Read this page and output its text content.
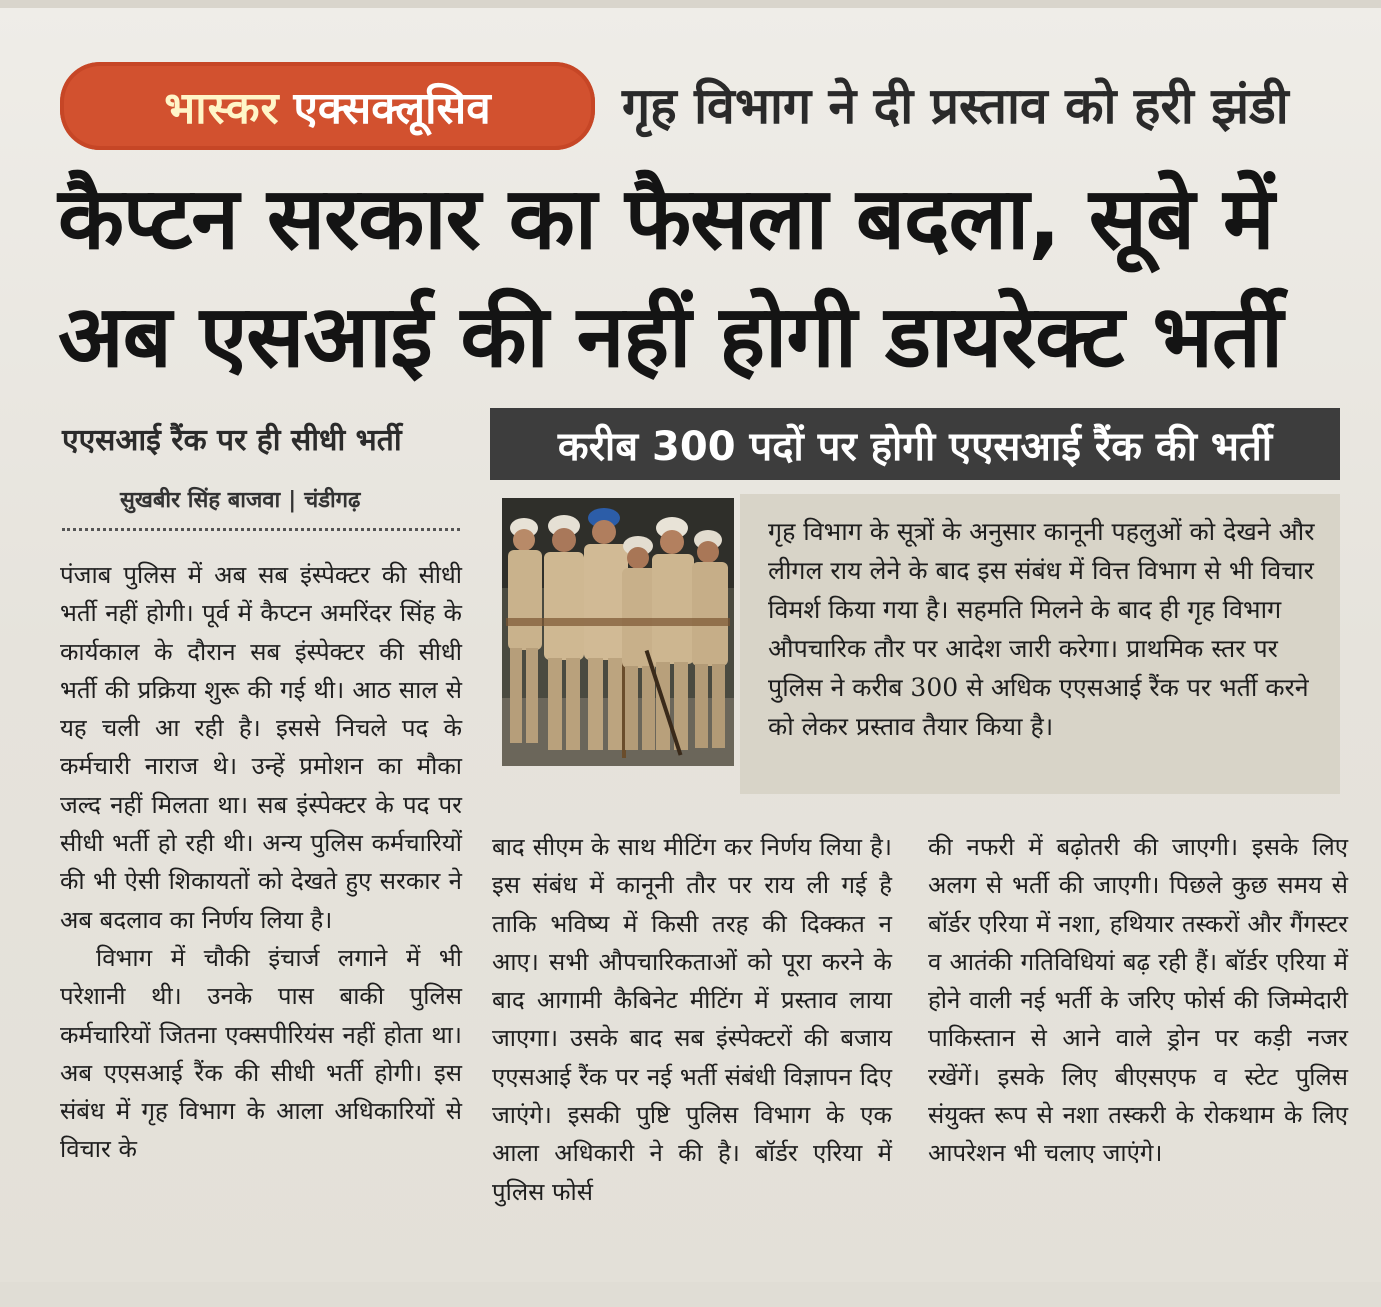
भास्कर एक्सक्लूसिव	गृह विभाग ने दी प्रस्ताव को हरी झंडी
कैप्टन सरकार का फैसला बदला, सूबे में
अब एसआई की नहीं होगी डायरेक्ट भर्ती
एएसआई रैंक पर ही सीधी भर्ती	करीब 300 पदों पर होगी एएसआई रैंक की भर्ती
सुखबीर सिंह बाजवा | चंडीगढ़
गृह विभाग के सूत्रों के अनुसार कानूनी पहलुओं को देखने और लीगल राय लेने के बाद इस संबंध में वित्त विभाग से भी विचार विमर्श किया गया है। सहमति मिलने के बाद ही गृह विभाग औपचारिक तौर पर आदेश जारी करेगा। प्राथमिक स्तर पर पुलिस ने करीब 300 से अधिक एएसआई रैंक पर भर्ती करने को लेकर प्रस्ताव तैयार किया है।

पंजाब पुलिस में अब सब इंस्पेक्टर की सीधी भर्ती नहीं होगी। पूर्व में कैप्टन अमरिंदर सिंह के कार्यकाल के दौरान सब इंस्पेक्टर की सीधी भर्ती की प्रक्रिया शुरू की गई थी। आठ साल से यह चली आ रही है। इससे निचले पद के कर्मचारी नाराज थे। उन्हें प्रमोशन का मौका जल्द नहीं मिलता था। सब इंस्पेक्टर के पद पर सीधी भर्ती हो रही थी। अन्य पुलिस कर्मचारियों की भी ऐसी शिकायतों को देखते हुए सरकार ने अब बदलाव का निर्णय लिया है।

विभाग में चौकी इंचार्ज लगाने में भी परेशानी थी। उनके पास बाकी पुलिस कर्मचारियों जितना एक्सपीरियंस नहीं होता था। अब एएसआई रैंक की सीधी भर्ती होगी। इस संबंध में गृह विभाग के आला अधिकारियों से विचार के

बाद सीएम के साथ मीटिंग कर निर्णय लिया है। इस संबंध में कानूनी तौर पर राय ली गई है ताकि भविष्य में किसी तरह की दिक्कत न आए। सभी औपचारिकताओं को पूरा करने के बाद आगामी कैबिनेट मीटिंग में प्रस्ताव लाया जाएगा। उसके बाद सब इंस्पेक्टरों की बजाय एएसआई रैंक पर नई भर्ती संबंधी विज्ञापन दिए जाएंगे। इसकी पुष्टि पुलिस विभाग के एक आला अधिकारी ने की है। बॉर्डर एरिया में पुलिस फोर्स

की नफरी में बढ़ोतरी की जाएगी। इसके लिए अलग से भर्ती की जाएगी। पिछले कुछ समय से बॉर्डर एरिया में नशा, हथियार तस्करों और गैंगस्टर व आतंकी गतिविधियां बढ़ रही हैं। बॉर्डर एरिया में होने वाली नई भर्ती के जरिए फोर्स की जिम्मेदारी पाकिस्तान से आने वाले ड्रोन पर कड़ी नजर रखेंगें। इसके लिए बीएसएफ व स्टेट पुलिस संयुक्त रूप से नशा तस्करी के रोकथाम के लिए आपरेशन भी चलाए जाएंगे।
